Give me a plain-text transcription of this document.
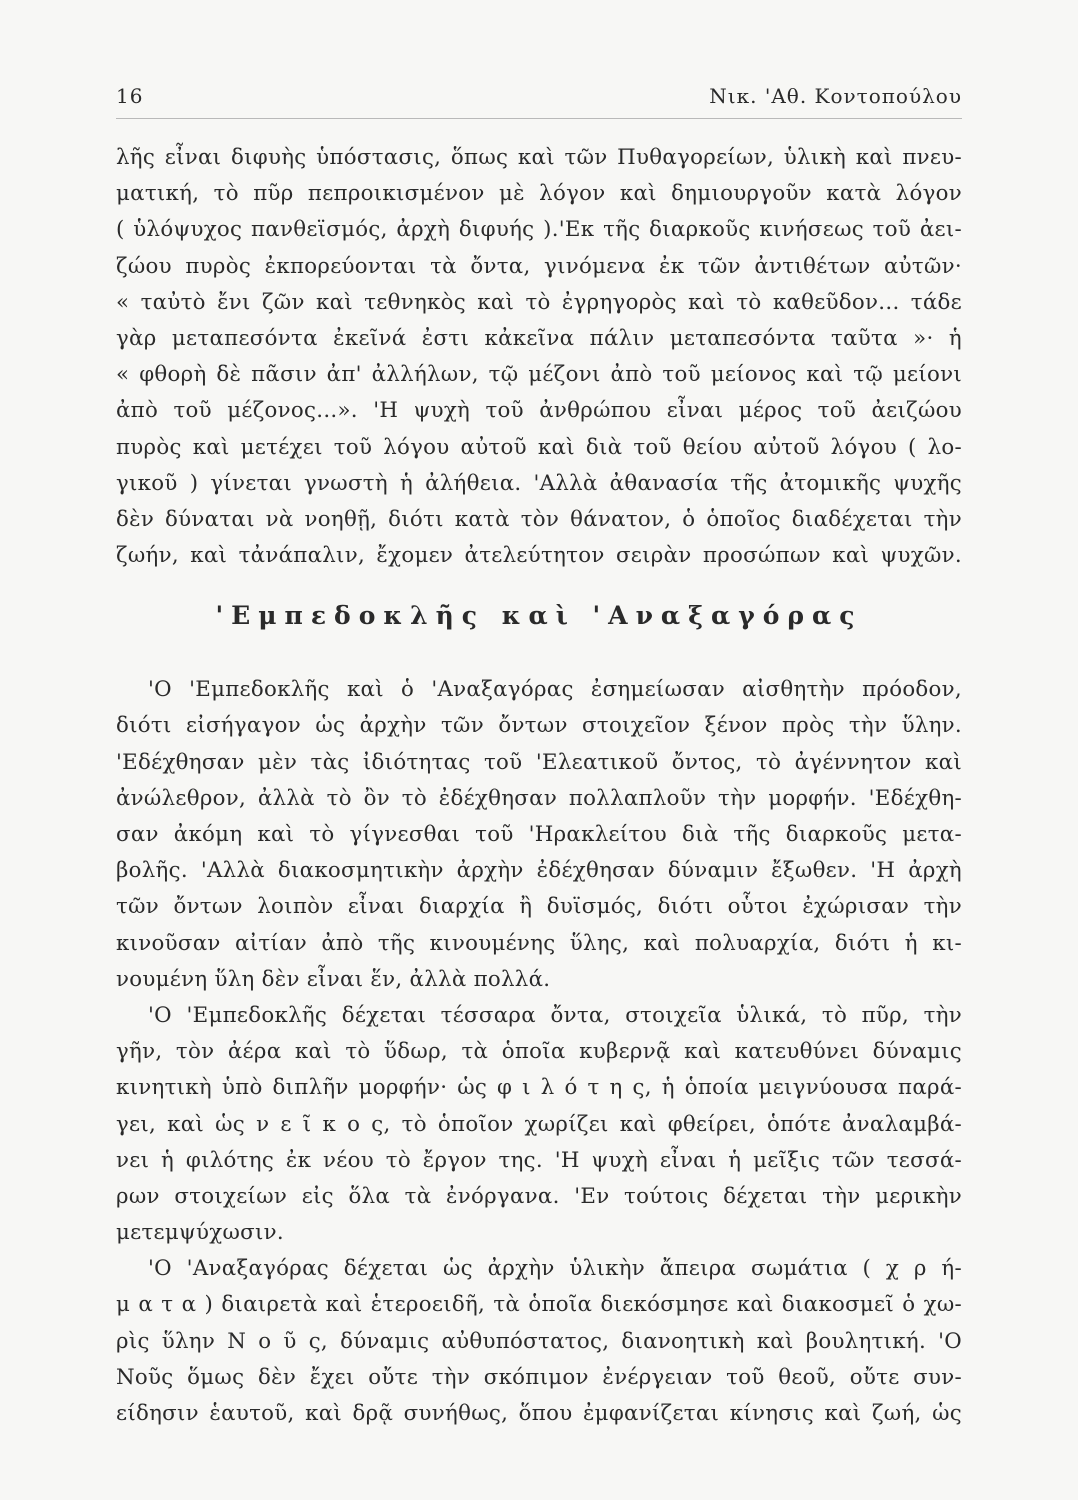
16	Νικ. 'Αθ. Κοντοπούλου
λῆς εἶναι διφυὴς ὑπόστασις, ὅπως καὶ τῶν Πυθαγορείων, ὑλικὴ καὶ πνευ-
ματική, τὸ πῦρ πεπροικισμένον μὲ λόγον καὶ δημιουργοῦν κατὰ λόγον
( ὑλόψυχος πανθεϊσμός, ἀρχὴ διφυής ).'Εκ τῆς διαρκοῦς κινήσεως τοῦ ἀει-
ζώου πυρὸς ἐκπορεύονται τὰ ὄντα, γινόμενα ἐκ τῶν ἀντιθέτων αὐτῶν·
« ταὐτὸ ἔνι ζῶν καὶ τεθνηκὸς καὶ τὸ ἐγρηγορὸς καὶ τὸ καθεῦδον... τάδε
γὰρ μεταπεσόντα ἐκεῖνά ἐστι κἀκεῖνα πάλιν μεταπεσόντα ταῦτα »· ἡ
« φθορὴ δὲ πᾶσιν ἀπ' ἀλλήλων, τῷ μέζονι ἀπὸ τοῦ μείονος καὶ τῷ μείονι
ἀπὸ τοῦ μέζονος...». 'Η ψυχὴ τοῦ ἀνθρώπου εἶναι μέρος τοῦ ἀειζώου
πυρὸς καὶ μετέχει τοῦ λόγου αὐτοῦ καὶ διὰ τοῦ θείου αὐτοῦ λόγου ( λο-
γικοῦ ) γίνεται γνωστὴ ἡ ἀλήθεια. 'Αλλὰ ἀθανασία τῆς ἀτομικῆς ψυχῆς
δὲν δύναται νὰ νοηθῇ, διότι κατὰ τὸν θάνατον, ὁ ὁποῖος διαδέχεται τὴν
ζωήν, καὶ τἀνάπαλιν, ἔχομεν ἀτελεύτητον σειρὰν προσώπων καὶ ψυχῶν.
'Εμπεδοκλῆς καὶ 'Αναξαγόρας
'Ο 'Εμπεδοκλῆς καὶ ὁ 'Αναξαγόρας ἐσημείωσαν αἰσθητὴν πρόοδον,
διότι εἰσήγαγον ὡς ἀρχὴν τῶν ὄντων στοιχεῖον ξένον πρὸς τὴν ὕλην.
'Εδέχθησαν μὲν τὰς ἰδιότητας τοῦ 'Ελεατικοῦ ὄντος, τὸ ἀγέννητον καὶ
ἀνώλεθρον, ἀλλὰ τὸ ὂν τὸ ἐδέχθησαν πολλαπλοῦν τὴν μορφήν. 'Εδέχθη-
σαν ἀκόμη καὶ τὸ γίγνεσθαι τοῦ 'Ηρακλείτου διὰ τῆς διαρκοῦς μετα-
βολῆς. 'Αλλὰ διακοσμητικὴν ἀρχὴν ἐδέχθησαν δύναμιν ἔξωθεν. 'Η ἀρχὴ
τῶν ὄντων λοιπὸν εἶναι διαρχία ἢ δυϊσμός, διότι οὗτοι ἐχώρισαν τὴν
κινοῦσαν αἰτίαν ἀπὸ τῆς κινουμένης ὕλης, καὶ πολυαρχία, διότι ἡ κι-
νουμένη ὕλη δὲν εἶναι ἕν, ἀλλὰ πολλά.
'Ο 'Εμπεδοκλῆς δέχεται τέσσαρα ὄντα, στοιχεῖα ὑλικά, τὸ πῦρ, τὴν
γῆν, τὸν ἀέρα καὶ τὸ ὕδωρ, τὰ ὁποῖα κυβερνᾷ καὶ κατευθύνει δύναμις
κινητικὴ ὑπὸ διπλῆν μορφήν· ὡς φ ι λ ό τ η ς, ἡ ὁποία μειγνύουσα παρά-
γει, καὶ ὡς ν ε ῖ κ ο ς, τὸ ὁποῖον χωρίζει καὶ φθείρει, ὁπότε ἀναλαμβά-
νει ἡ φιλότης ἐκ νέου τὸ ἔργον της. 'Η ψυχὴ εἶναι ἡ μεῖξις τῶν τεσσά-
ρων στοιχείων εἰς ὅλα τὰ ἐνόργανα. 'Εν τούτοις δέχεται τὴν μερικὴν
μετεμψύχωσιν.
'Ο 'Αναξαγόρας δέχεται ὡς ἀρχὴν ὑλικὴν ἄπειρα σωμάτια ( χ ρ ή-
μ α τ α ) διαιρετὰ καὶ ἑτεροειδῆ, τὰ ὁποῖα διεκόσμησε καὶ διακοσμεῖ ὁ χω-
ρὶς ὕλην Ν ο ῦ ς, δύναμις αὐθυπόστατος, διανοητικὴ καὶ βουλητική. 'Ο
Νοῦς ὅμως δὲν ἔχει οὔτε τὴν σκόπιμον ἐνέργειαν τοῦ θεοῦ, οὔτε συν-
είδησιν ἑαυτοῦ, καὶ δρᾷ συνήθως, ὅπου ἐμφανίζεται κίνησις καὶ ζωή, ὡς
